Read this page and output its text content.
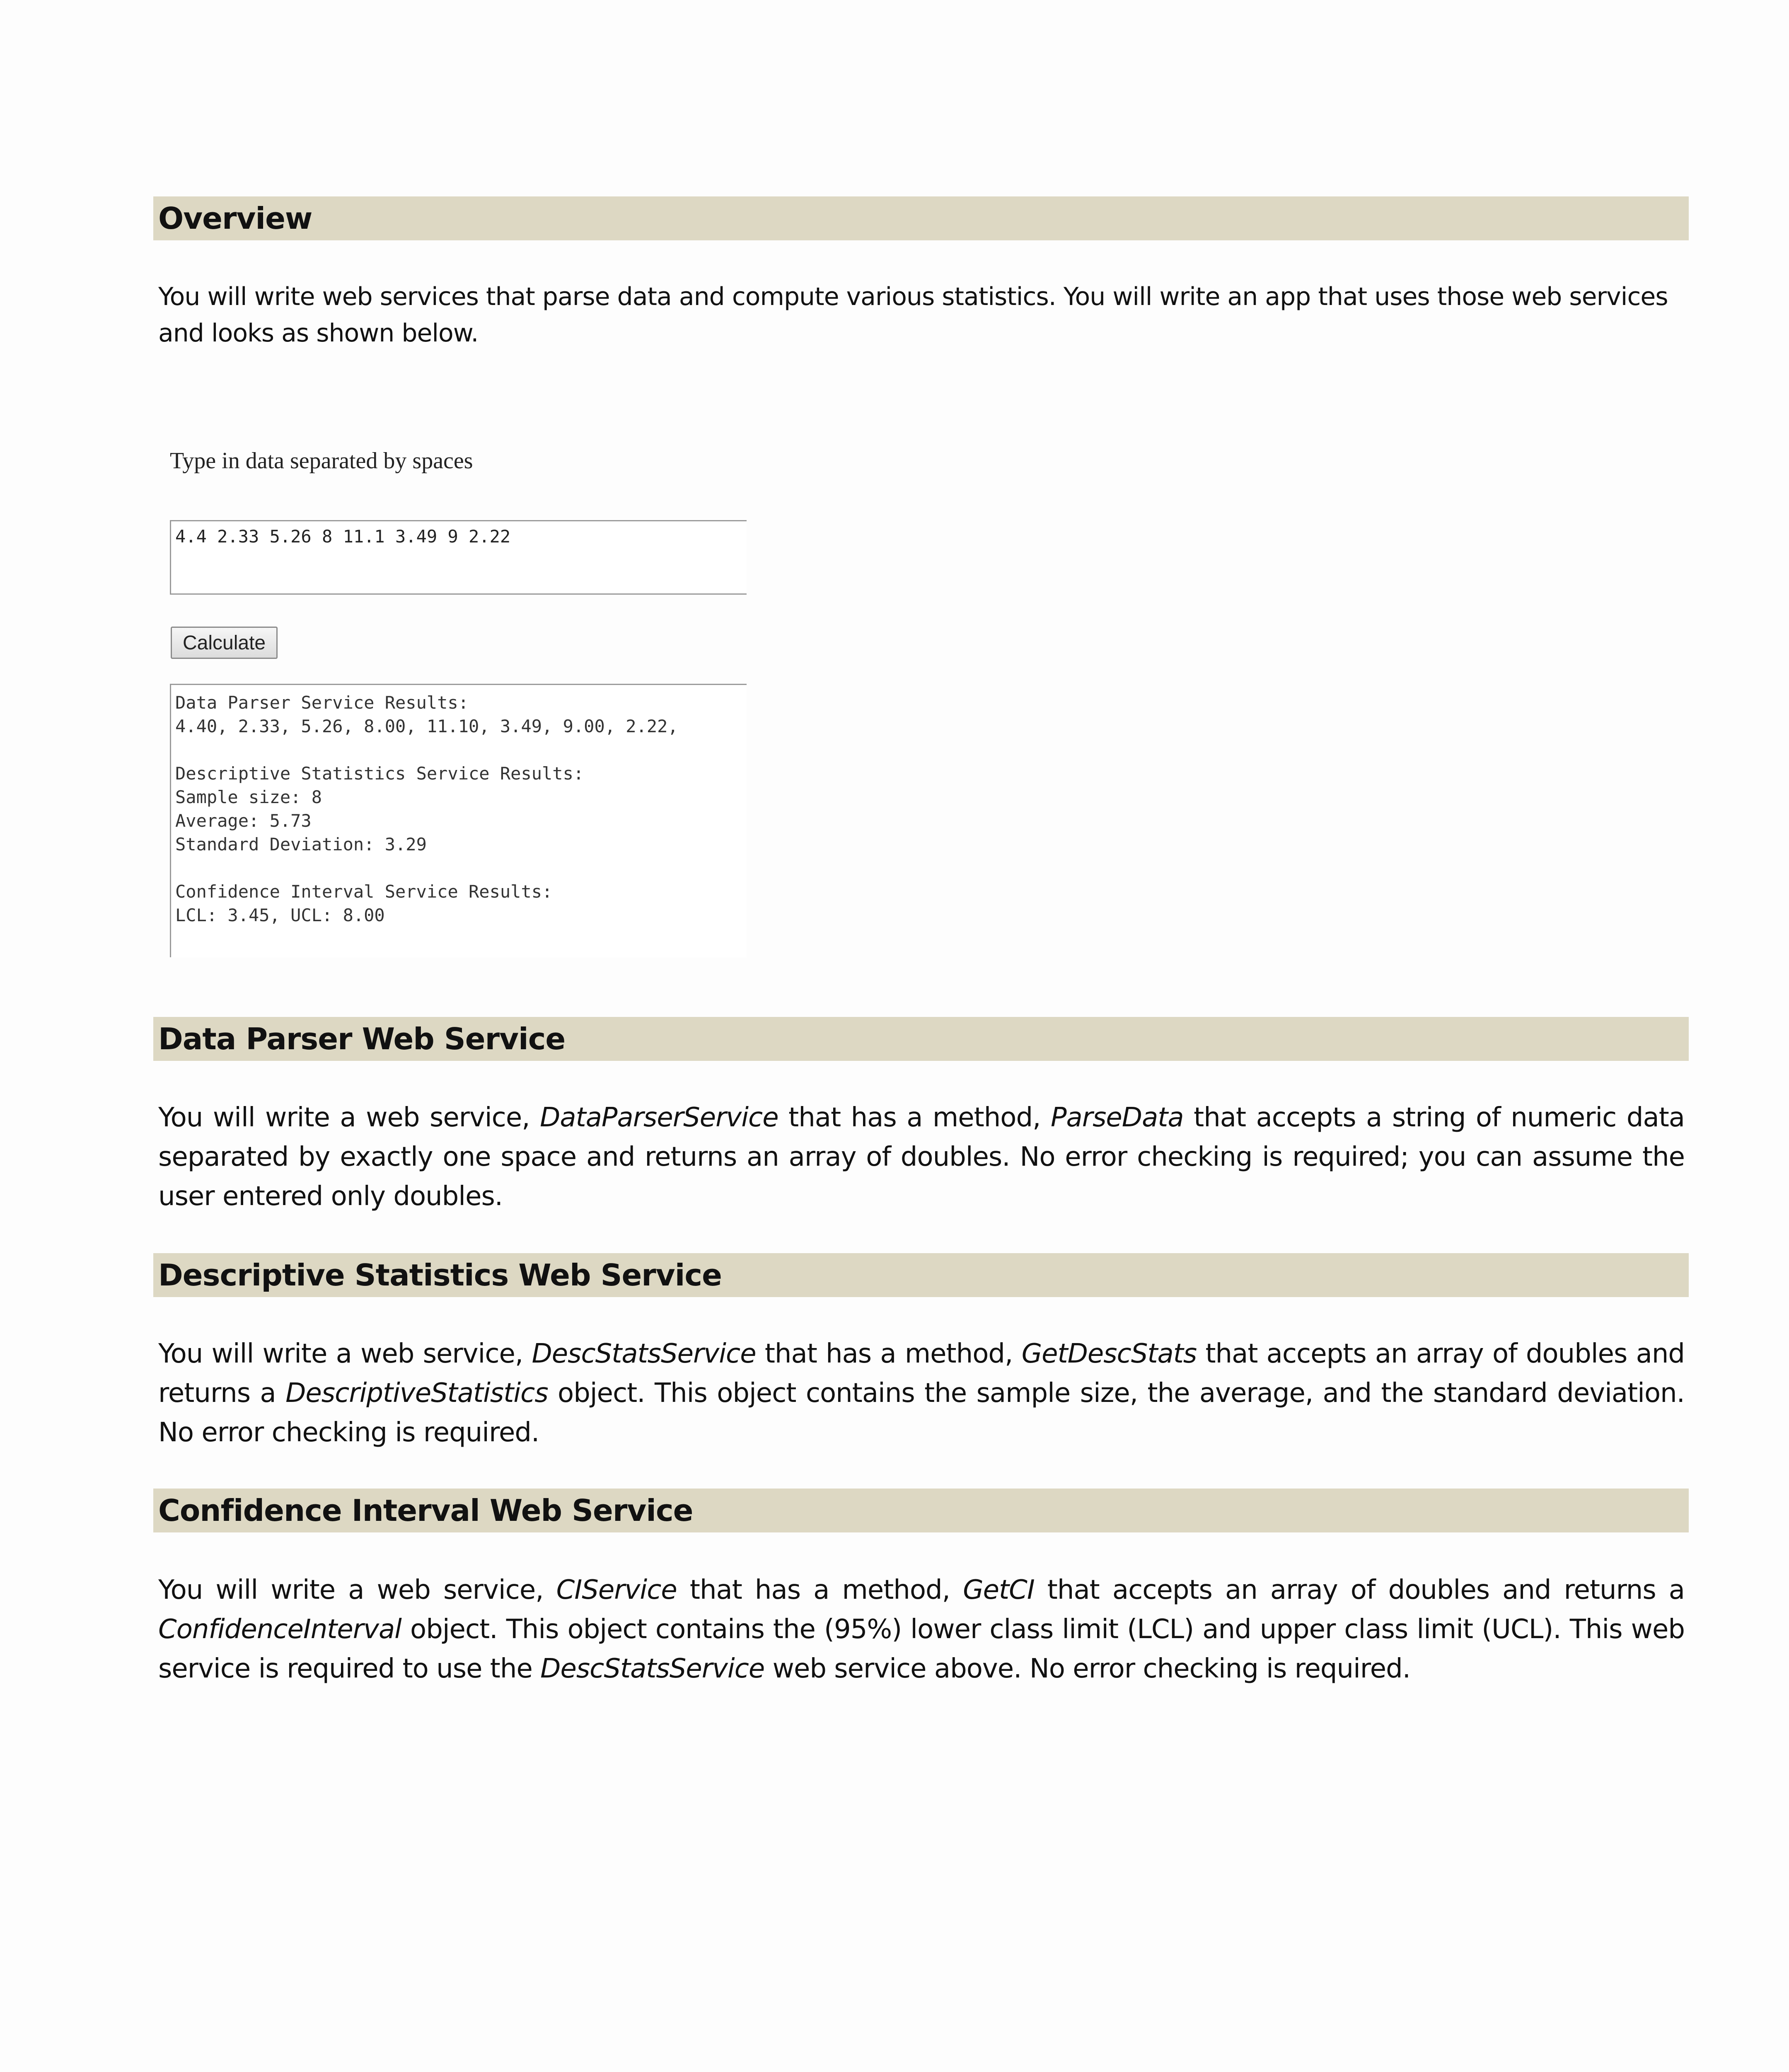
Overview
You will write web services that parse data and compute various statistics. You will write an app that uses those web services and looks as shown below.
Type in data separated by spaces
4.4 2.33 5.26 8 11.1 3.49 9 2.22
Calculate
Data Parser Service Results:
4.40, 2.33, 5.26, 8.00, 11.10, 3.49, 9.00, 2.22,
Descriptive Statistics Service Results:
Sample size: 8
Average: 5.73
Standard Deviation: 3.29
Confidence Interval Service Results:
LCL: 3.45, UCL: 8.00
Data Parser Web Service
You will write a web service, DataParserService that has a method, ParseData that accepts a string of numeric data separated by exactly one space and returns an array of doubles. No error checking is required; you can assume the user entered only doubles.
Descriptive Statistics Web Service
You will write a web service, DescStatsService that has a method, GetDescStats that accepts an array of doubles and returns a DescriptiveStatistics object. This object contains the sample size, the average, and the standard deviation. No error checking is required.
Confidence Interval Web Service
You will write a web service, CIService that has a method, GetCI that accepts an array of doubles and returns a ConfidenceInterval object. This object contains the (95%) lower class limit (LCL) and upper class limit (UCL). This web service is required to use the DescStatsService web service above. No error checking is required.
